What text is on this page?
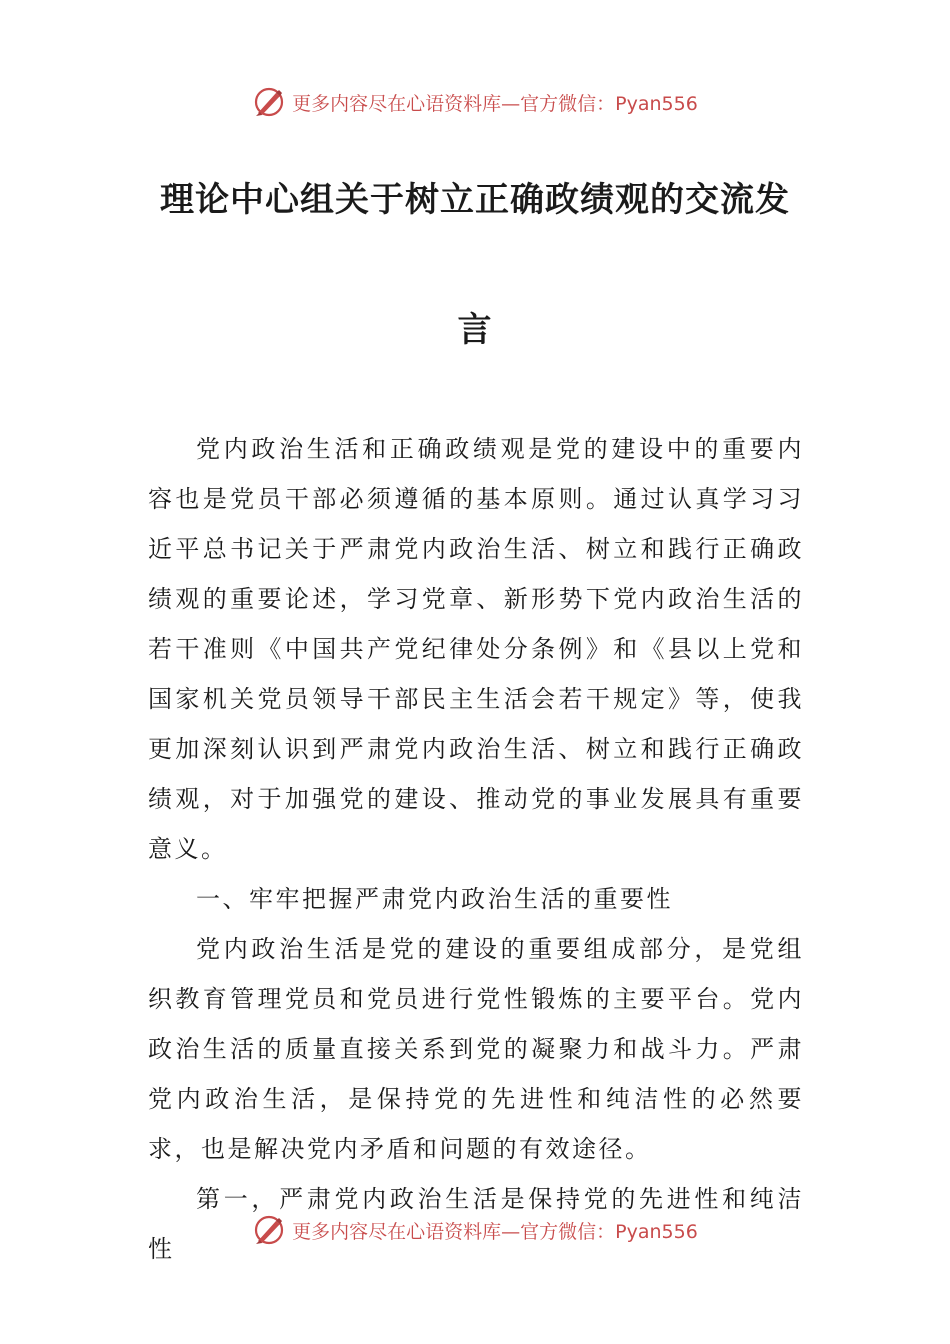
更多内容尽在心语资料库—官方微信：Pyan556
理论中心组关于树立正确政绩观的交流发言

党内政治生活和正确政绩观是党的建设中的重要内容也是党员干部必须遵循的基本原则。通过认真学习习近平总书记关于严肃党内政治生活、树立和践行正确政绩观的重要论述，学习党章、新形势下党内政治生活的若干准则《中国共产党纪律处分条例》和《县以上党和国家机关党员领导干部民主生活会若干规定》等，使我更加深刻认识到严肃党内政治生活、树立和践行正确政绩观，对于加强党的建设、推动党的事业发展具有重要意义。

一、牢牢把握严肃党内政治生活的重要性

党内政治生活是党的建设的重要组成部分，是党组织教育管理党员和党员进行党性锻炼的主要平台。党内政治生活的质量直接关系到党的凝聚力和战斗力。严肃党内政治生活，是保持党的先进性和纯洁性的必然要求，也是解决党内矛盾和问题的有效途径。

第一，严肃党内政治生活是保持党的先进性和纯洁性

更多内容尽在心语资料库—官方微信：Pyan556
